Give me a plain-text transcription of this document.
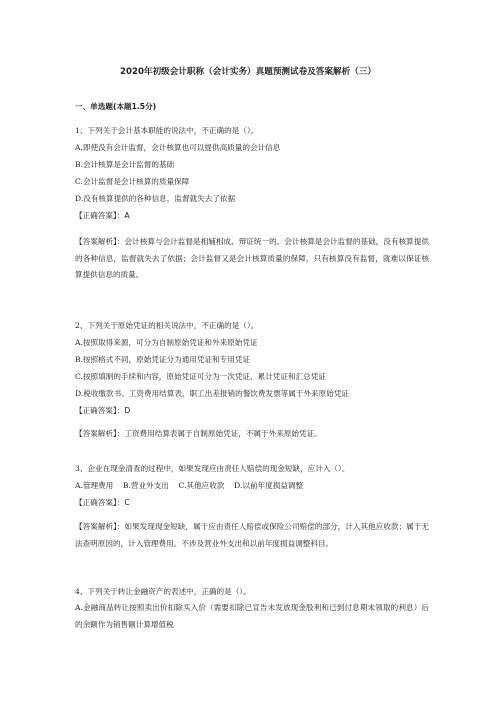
2020年初级会计职称（会计实务）真题预测试卷及答案解析（三）
一、单选题(本题1.5分)
1、下列关于会计基本职能的说法中，不正确的是（）。
A.即使没有会计监督，会计核算也可以提供高质量的会计信息
B.会计核算是会计监督的基础
C.会计监督是会计核算的质量保障
D.没有核算提供的各种信息，监督就失去了依据
【正确答案】：A
【答案解析】：会计核算与会计监督是相辅相成、辩证统一的。会计核算是会计监督的基础，没有核算提供的各种信息，监督就失去了依据；会计监督又是会计核算质量的保障，只有核算没有监督，就难以保证核算提供信息的质量。
2、下列关于原始凭证的相关说法中，不正确的是（）。
A.按照取得来源，可分为自制原始凭证和外来原始凭证
B.按照格式不同，原始凭证分为通用凭证和专用凭证
C.按照填制的手续和内容，原始凭证可分为一次凭证、累计凭证和汇总凭证
D.税收缴款书、工资费用结算表、职工出差报销的餐饮费发票等属于外来原始凭证
【正确答案】：D
【答案解析】：工资费用结算表属于自制原始凭证，不属于外来原始凭证。
3、企业在现金清查的过程中，如果发现应由责任人赔偿的现金短缺，应计入（）。
A.管理费用    B.营业外支出    C.其他应收款    D.以前年度损益调整
【正确答案】：C
【答案解析】：如果发现现金短缺，属于应由责任人赔偿或保险公司赔偿的部分，计入其他应收款；属于无法查明原因的，计入管理费用。不涉及营业外支出和以前年度损益调整科目。
4、下列关于转让金融资产的表述中，正确的是（）。
A.金融商品转让按照卖出价扣除买入价（需要扣除已宣告未发放现金股利和已到付息期未领取的利息）后的余额作为销售额计算增值税
